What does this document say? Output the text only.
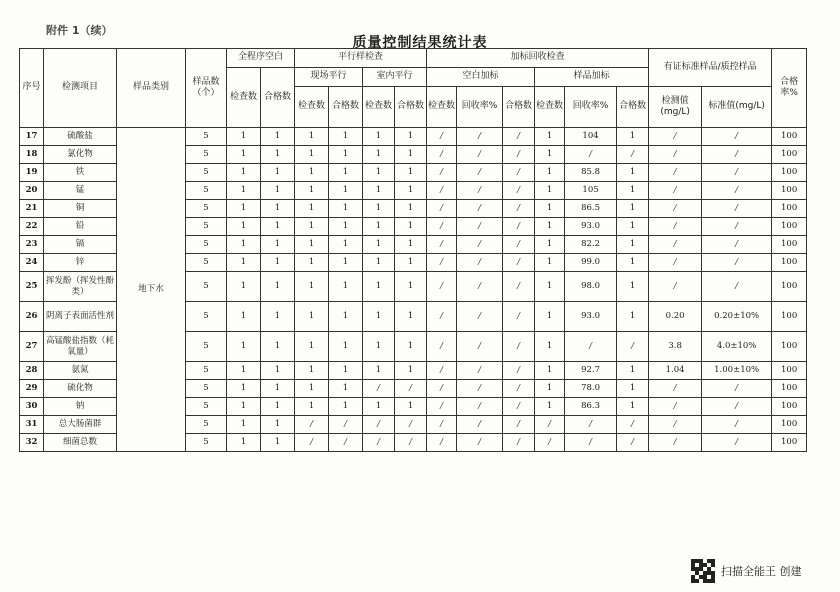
附件 1（续）
质量控制结果统计表
序号	检测项目	样品类别	样品数（个）	全程序空白		平行样检查				加标回收检查						有证标准样品/质控样品		合格率%
				检查数	合格数	现场平行		室内平行		空白加标			样品加标					
						检查数	合格数	检查数	合格数	检查数	回收率%	合格数	检查数	回收率%	合格数	检测值(mg/L)	标准值(mg/L)	
17	硫酸盐	地下水	5	1	1	1	1	1	1	/	/	/	1	104	1	/	/	100
18	氯化物		5	1	1	1	1	1	1	/	/	/	1	/	/	/	/	100
19	铁		5	1	1	1	1	1	1	/	/	/	1	85.8	1	/	/	100
20	锰		5	1	1	1	1	1	1	/	/	/	1	105	1	/	/	100
21	铜		5	1	1	1	1	1	1	/	/	/	1	86.5	1	/	/	100
22	铅		5	1	1	1	1	1	1	/	/	/	1	93.0	1	/	/	100
23	镉		5	1	1	1	1	1	1	/	/	/	1	82.2	1	/	/	100
24	锌		5	1	1	1	1	1	1	/	/	/	1	99.0	1	/	/	100
25	挥发酚（挥发性酚类）		5	1	1	1	1	1	1	/	/	/	1	98.0	1	/	/	100
26	阴离子表面活性剂		5	1	1	1	1	1	1	/	/	/	1	93.0	1	0.20	0.20±10%	100
27	高锰酸盐指数（耗氧量）		5	1	1	1	1	1	1	/	/	/	1	/	/	3.8	4.0±10%	100
28	氨氮		5	1	1	1	1	1	1	/	/	/	1	92.7	1	1.04	1.00±10%	100
29	硫化物		5	1	1	1	1	/	/	/	/	/	1	78.0	1	/	/	100
30	钠		5	1	1	1	1	1	1	/	/	/	1	86.3	1	/	/	100
31	总大肠菌群		5	1	1	/	/	/	/	/	/	/	/	/	/	/	/	100
32	细菌总数		5	1	1	/	/	/	/	/	/	/	/	/	/	/	/	100
扫描全能王 创建
